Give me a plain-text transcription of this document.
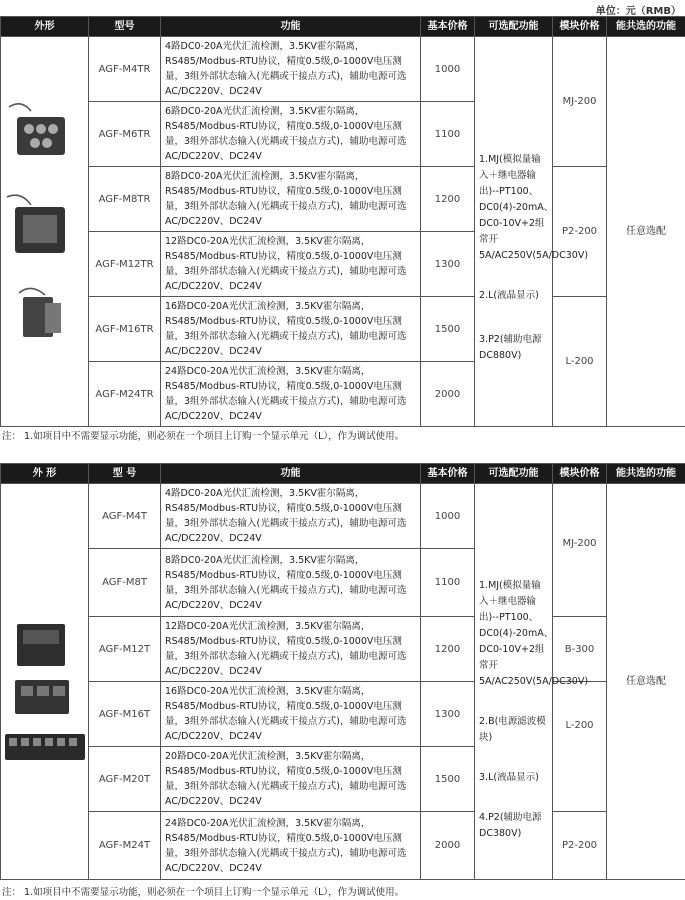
单位：元（RMB）
外形	型号	功能	基本价格	可选配功能	模块价格	能共选的功能

	AGF-M4TR	4路DC0-20A光伏汇流检测，3.5KV霍尔隔离，RS485/Modbus-RTU协议，精度0.5级,0-1000V电压测量，3组外部状态输入(光耦或干接点方式)，辅助电源可选AC/DC220V、DC24V	1000	1.MJ(模拟量输入＋继电器输出)--PT100、DC0(4)-20mA、DC0-10V+2组常开5A/AC250V(5A/DC30V)
2.L(液晶显示)
3.P2(辅助电源DC880V)	MJ-200	任意选配
	AGF-M6TR	6路DC0-20A光伏汇流检测，3.5KV霍尔隔离，RS485/Modbus-RTU协议，精度0.5级,0-1000V电压测量，3组外部状态输入(光耦或干接点方式)，辅助电源可选AC/DC220V、DC24V	1100			
	AGF-M8TR	8路DC0-20A光伏汇流检测，3.5KV霍尔隔离，RS485/Modbus-RTU协议，精度0.5级,0-1000V电压测量，3组外部状态输入(光耦或干接点方式)，辅助电源可选AC/DC220V、DC24V	1200		P2-200	
	AGF-M12TR	12路DC0-20A光伏汇流检测，3.5KV霍尔隔离，RS485/Modbus-RTU协议，精度0.5级,0-1000V电压测量，3组外部状态输入(光耦或干接点方式)，辅助电源可选AC/DC220V、DC24V	1300			
	AGF-M16TR	16路DC0-20A光伏汇流检测，3.5KV霍尔隔离，RS485/Modbus-RTU协议，精度0.5级,0-1000V电压测量，3组外部状态输入(光耦或干接点方式)，辅助电源可选AC/DC220V、DC24V	1500		L-200	
	AGF-M24TR	24路DC0-20A光伏汇流检测，3.5KV霍尔隔离，RS485/Modbus-RTU协议，精度0.5级,0-1000V电压测量，3组外部状态输入(光耦或干接点方式)，辅助电源可选AC/DC220V、DC24V	2000			
注： 1.如项目中不需要显示功能，则必须在一个项目上订购一个显示单元（L），作为调试使用。
外 形	型 号	功能	基本价格	可选配功能	模块价格	能共选的功能

	AGF-M4T	4路DC0-20A光伏汇流检测，3.5KV霍尔隔离，RS485/Modbus-RTU协议，精度0.5级,0-1000V电压测量，3组外部状态输入(光耦或干接点方式)，辅助电源可选AC/DC220V、DC24V	1000	1.MJ(模拟量输入＋继电器输出)--PT100、DC0(4)-20mA、DC0-10V+2组常开5A/AC250V(5A/DC30V)
2.B(电源滤波模块)
3.L(液晶显示)
4.P2(辅助电源DC380V)	MJ-200	任意选配
	AGF-M8T	8路DC0-20A光伏汇流检测，3.5KV霍尔隔离，RS485/Modbus-RTU协议，精度0.5级,0-1000V电压测量，3组外部状态输入(光耦或干接点方式)，辅助电源可选AC/DC220V、DC24V	1100			
	AGF-M12T	12路DC0-20A光伏汇流检测，3.5KV霍尔隔离，RS485/Modbus-RTU协议，精度0.5级,0-1000V电压测量，3组外部状态输入(光耦或干接点方式)，辅助电源可选AC/DC220V、DC24V	1200		B-300	
	AGF-M16T	16路DC0-20A光伏汇流检测，3.5KV霍尔隔离，RS485/Modbus-RTU协议，精度0.5级,0-1000V电压测量，3组外部状态输入(光耦或干接点方式)，辅助电源可选AC/DC220V、DC24V	1300		L-200	
	AGF-M20T	20路DC0-20A光伏汇流检测，3.5KV霍尔隔离，RS485/Modbus-RTU协议，精度0.5级,0-1000V电压测量，3组外部状态输入(光耦或干接点方式)，辅助电源可选AC/DC220V、DC24V	1500			
	AGF-M24T	24路DC0-20A光伏汇流检测，3.5KV霍尔隔离，RS485/Modbus-RTU协议，精度0.5级,0-1000V电压测量，3组外部状态输入(光耦或干接点方式)，辅助电源可选AC/DC220V、DC24V	2000		P2-200	
注： 1.如项目中不需要显示功能，则必须在一个项目上订购一个显示单元（L），作为调试使用。
